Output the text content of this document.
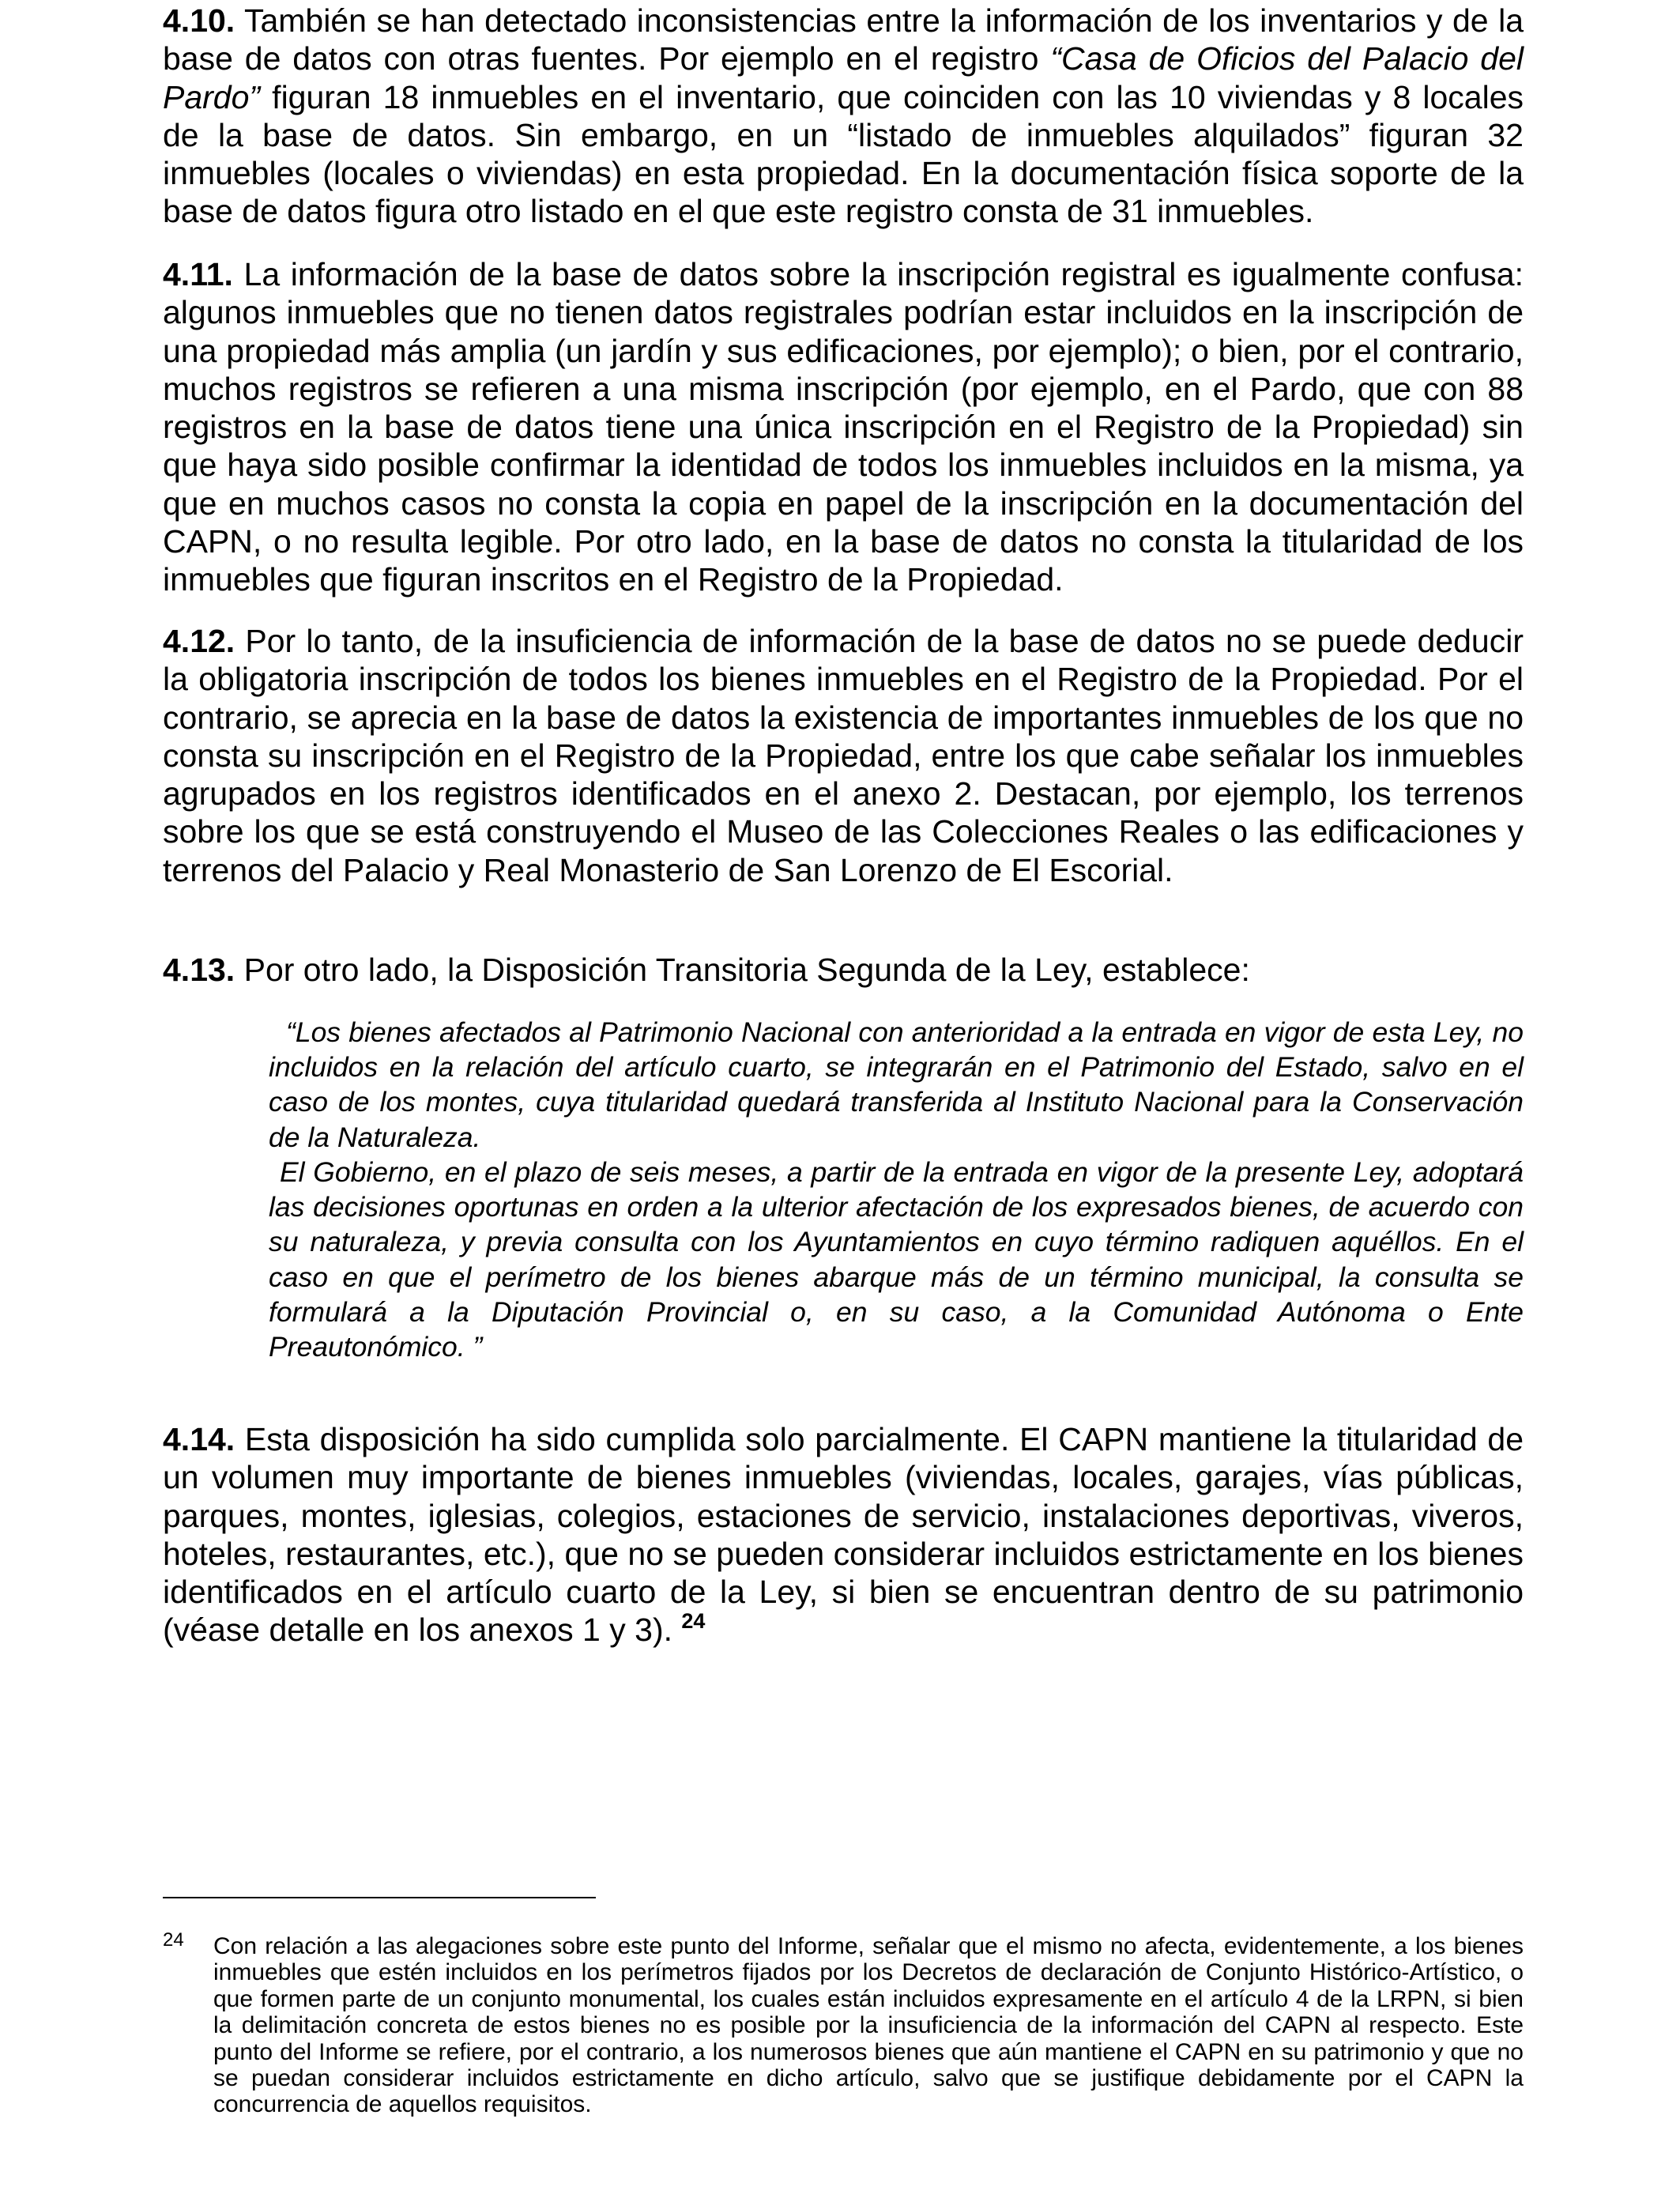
4.10. También se han detectado inconsistencias entre la información de los inventarios y de la base de datos con otras fuentes. Por ejemplo en el registro “Casa de Oficios del Palacio del Pardo” figuran 18 inmuebles en el inventario, que coinciden con las 10 viviendas y 8 locales de la base de datos. Sin embargo, en un “listado de inmuebles alquilados” figuran 32 inmuebles (locales o viviendas) en esta propiedad. En la documentación física soporte de la base de datos figura otro listado en el que este registro consta de 31 inmuebles.

4.11. La información de la base de datos sobre la inscripción registral es igualmente confusa: algunos inmuebles que no tienen datos registrales podrían estar incluidos en la inscripción de una propiedad más amplia (un jardín y sus edificaciones, por ejemplo); o bien, por el contrario, muchos registros se refieren a una misma inscripción (por ejemplo, en el Pardo, que con 88 registros en la base de datos tiene una única inscripción en el Registro de la Propiedad) sin que haya sido posible confirmar la identidad de todos los inmuebles incluidos en la misma, ya que en muchos casos no consta la copia en papel de la inscripción en la documentación del CAPN, o no resulta legible. Por otro lado, en la base de datos no consta la titularidad de los inmuebles que figuran inscritos en el Registro de la Propiedad.

4.12. Por lo tanto, de la insuficiencia de información de la base de datos no se puede deducir la obligatoria inscripción de todos los bienes inmuebles en el Registro de la Propiedad. Por el contrario, se aprecia en la base de datos la existencia de importantes inmuebles de los que no consta su inscripción en el Registro de la Propiedad, entre los que cabe señalar los inmuebles agrupados en los registros identificados en el anexo 2. Destacan, por ejemplo, los terrenos sobre los que se está construyendo el Museo de las Colecciones Reales o las edificaciones y terrenos del Palacio y Real Monasterio de San Lorenzo de El Escorial.

4.13. Por otro lado, la Disposición Transitoria Segunda de la Ley, establece:

“Los bienes afectados al Patrimonio Nacional con anterioridad a la entrada en vigor de esta Ley, no incluidos en la relación del artículo cuarto, se integrarán en el Patrimonio del Estado, salvo en el caso de los montes, cuya titularidad quedará transferida al Instituto Nacional para la Conservación de la Naturaleza.

El Gobierno, en el plazo de seis meses, a partir de la entrada en vigor de la presente Ley, adoptará las decisiones oportunas en orden a la ulterior afectación de los expresados bienes, de acuerdo con su naturaleza, y previa consulta con los Ayuntamientos en cuyo término radiquen aquéllos. En el caso en que el perímetro de los bienes abarque más de un término municipal, la consulta se formulará a la Diputación Provincial o, en su caso, a la Comunidad Autónoma o Ente Preautonómico. ”

4.14. Esta disposición ha sido cumplida solo parcialmente. El CAPN mantiene la titularidad de un volumen muy importante de bienes inmuebles (viviendas, locales, garajes, vías públicas, parques, montes, iglesias, colegios, estaciones de servicio, instalaciones deportivas, viveros, hoteles, restaurantes, etc.), que no se pueden considerar incluidos estrictamente en los bienes identificados en el artículo cuarto de la Ley, si bien se encuentran dentro de su patrimonio (véase detalle en los anexos 1 y 3). $^{24}$

24 Con relación a las alegaciones sobre este punto del Informe, señalar que el mismo no afecta, evidentemente, a los bienes inmuebles que estén incluidos en los perímetros fijados por los Decretos de declaración de Conjunto Histórico-Artístico, o que formen parte de un conjunto monumental, los cuales están incluidos expresamente en el artículo 4 de la LRPN, si bien la delimitación concreta de estos bienes no es posible por la insuficiencia de la información del CAPN al respecto. Este punto del Informe se refiere, por el contrario, a los numerosos bienes que aún mantiene el CAPN en su patrimonio y que no se puedan considerar incluidos estrictamente en dicho artículo, salvo que se justifique debidamente por el CAPN la concurrencia de aquellos requisitos.
